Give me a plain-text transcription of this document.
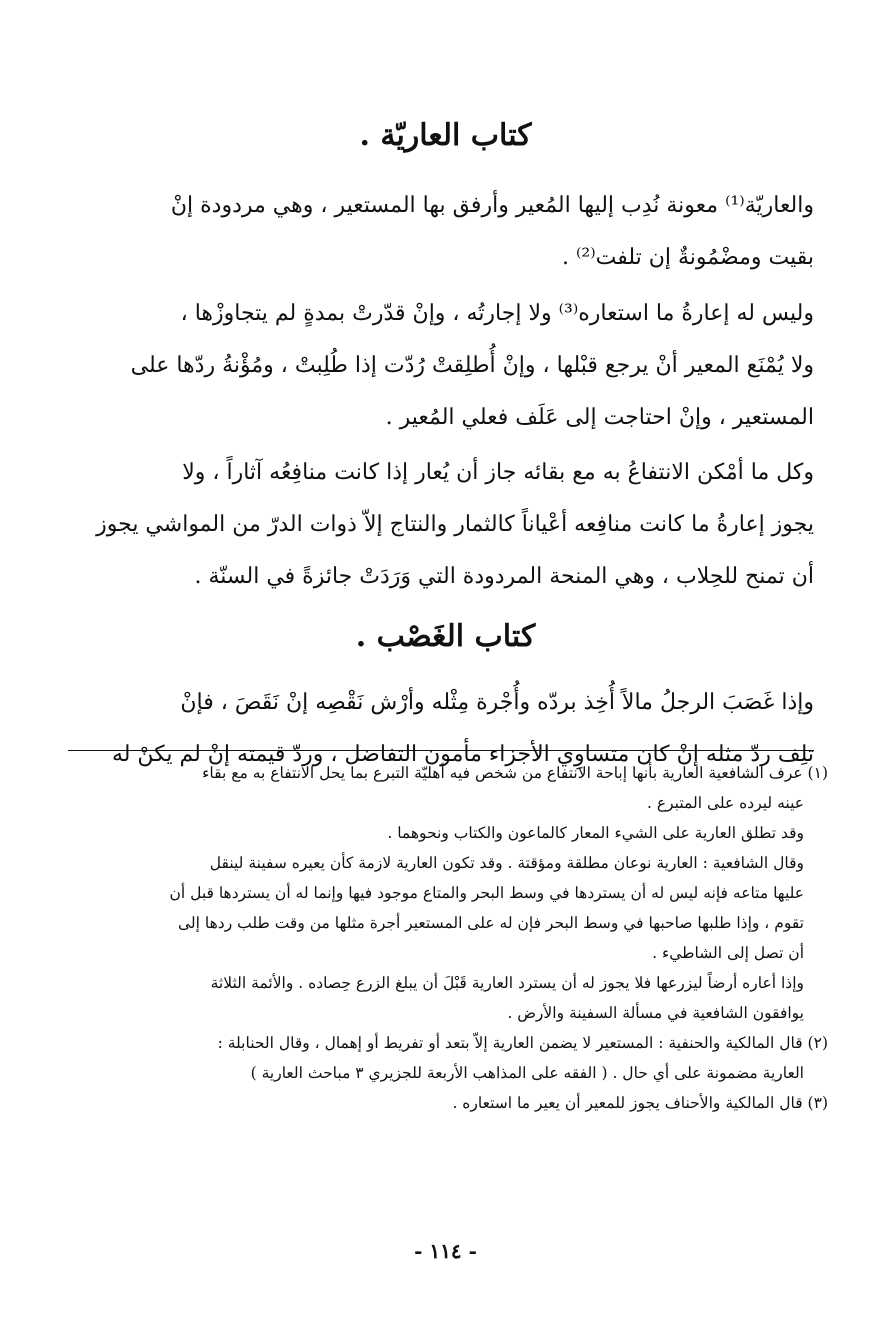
كتاب العاريّة .
والعاريّة⁽¹⁾ معونة نُدِب إليها المُعير وأرفق بها المستعير ، وهي مردودة إنْ
بقيت ومضْمُونةٌ إن تلفت⁽²⁾ .
وليس له إعارةُ ما استعاره⁽³⁾ ولا إجارتُه ، وإنْ قدّرتْ بمدةٍ لم يتجاوزْها ،
ولا يُمْنَع المعير أنْ يرجع قبْلها ، وإنْ أُطلِقتْ رُدّت إذا طُلِبتْ ، ومُؤْنةُ ردّها على
المستعير ، وإنْ احتاجت إلى عَلَف فعلي المُعير .
وكل ما أمْكن الانتفاعُ به مع بقائه جاز أن يُعار إذا كانت منافِعُه آثاراً ، ولا
يجوز إعارةُ ما كانت منافِعه أعْياناً كالثمار والنتاج إلاّ ذوات الدرّ من المواشي يجوز
أن تمنح للحِلاب ، وهي المنحة المردودة التي وَرَدَتْ جائزةً في السنّة .
كتاب الغَصْب .
وإذا غَصَبَ الرجلُ مالاً أُخِذ بردّه وأُجْرة مِثْله وأرْش نَقْصِه إنْ نَقَصَ ، فإنْ
تلِف ردّ مثله إنْ كان متساوِي الأجزاء مأمون التفاضل ، وردّ قيمته إنْ لم يكنْ له
(١) عرف الشافعية العارية بأنها إباحة الانتفاع من شخص فيه أهليّة التبرع بما يحل الانتفاع به مع بقاء
عينه ليرده على المتبرع .
وقد تطلق العارية على الشيء المعار كالماعون والكتاب ونحوهما .
وقال الشافعية : العارية نوعان مطلقة ومؤقتة . وقد تكون العارية لازمة كأن يعيره سفينة لينقل
عليها متاعه فإنه ليس له أن يستردها في وسط البحر والمتاع موجود فيها وإنما له أن يستردها قبل أن
تقوم ، وإذا طلبها صاحبها في وسط البحر فإن له على المستعير أجرة مثلها من وقت طلب ردها إلى
أن تصل إلى الشاطيء .
وإذا أعاره أرضاً ليزرعها فلا يجوز له أن يسترد العارية قَبْلَ أن يبلغ الزرع حِصاده . والأئمة الثلاثة
يوافقون الشافعية في مسألة السفينة والأرض .
(٢) قال المالكية والحنفية : المستعير لا يضمن العارية إلاّ بتعد أو تفريط أو إهمال ، وقال الحنابلة :
العارية مضمونة على أي حال . ( الفقه على المذاهب الأربعة للجزيري ٣ مباحث العارية )
(٣) قال المالكية والأحناف يجوز للمعير أن يعير ما استعاره .
- ١١٤ -
